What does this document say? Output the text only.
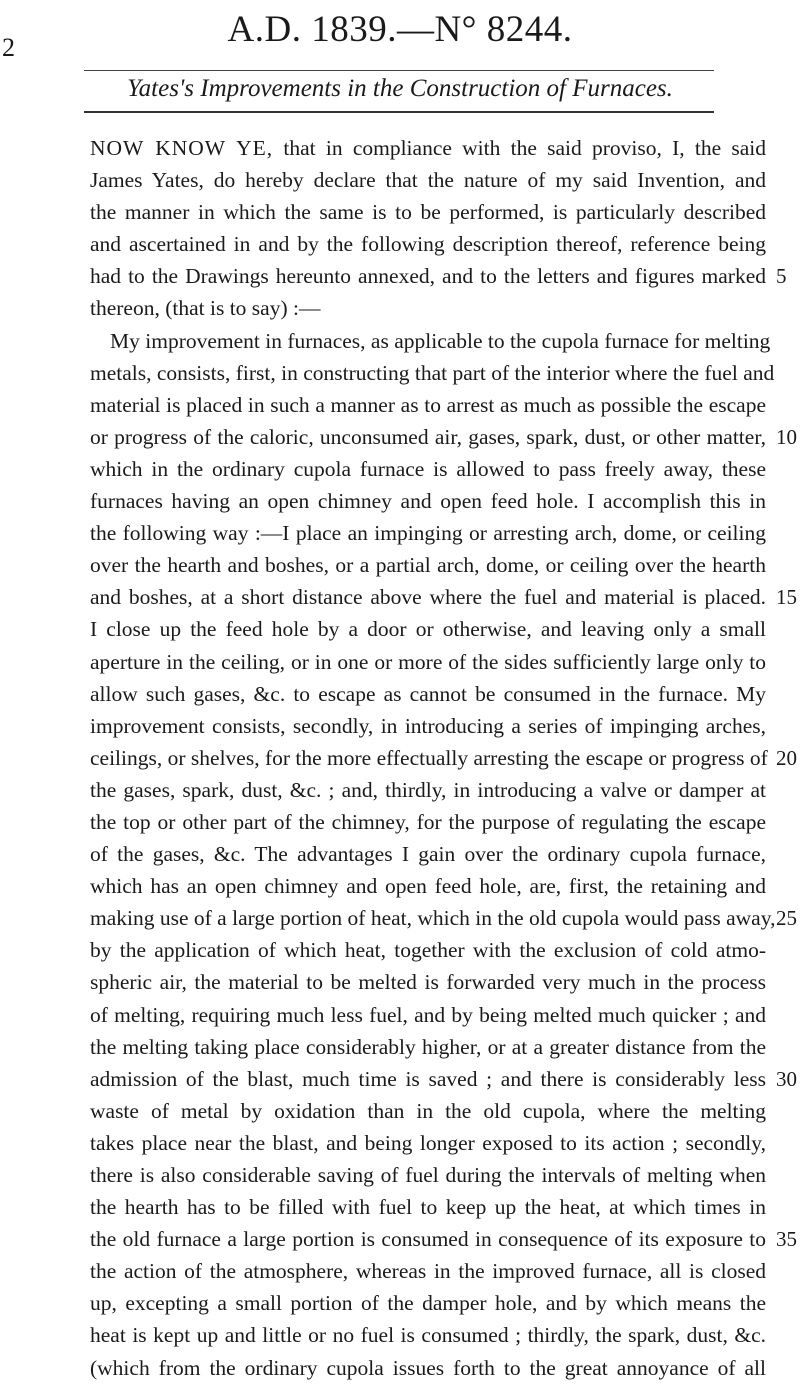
2	A.D. 1839.—N° 8244.
Yates's Improvements in the Construction of Furnaces.
NOW KNOW YE, that in compliance with the said proviso, I, the said
James Yates, do hereby declare that the nature of my said Invention, and
the manner in which the same is to be performed, is particularly described
and ascertained in and by the following description thereof, reference being
had to the Drawings hereunto annexed, and to the letters and figures marked
thereon, (that is to say) :—
My improvement in furnaces, as applicable to the cupola furnace for melting
metals, consists, first, in constructing that part of the interior where the fuel and
material is placed in such a manner as to arrest as much as possible the escape
or progress of the caloric, unconsumed air, gases, spark, dust, or other matter,
which in the ordinary cupola furnace is allowed to pass freely away, these
furnaces having an open chimney and open feed hole. I accomplish this in
the following way :—I place an impinging or arresting arch, dome, or ceiling
over the hearth and boshes, or a partial arch, dome, or ceiling over the hearth
and boshes, at a short distance above where the fuel and material is placed.
I close up the feed hole by a door or otherwise, and leaving only a small
aperture in the ceiling, or in one or more of the sides sufficiently large only to
allow such gases, &c. to escape as cannot be consumed in the furnace. My
improvement consists, secondly, in introducing a series of impinging arches,
ceilings, or shelves, for the more effectually arresting the escape or progress of
the gases, spark, dust, &c. ; and, thirdly, in introducing a valve or damper at
the top or other part of the chimney, for the purpose of regulating the escape
of the gases, &c. The advantages I gain over the ordinary cupola furnace,
which has an open chimney and open feed hole, are, first, the retaining and
making use of a large portion of heat, which in the old cupola would pass away,
by the application of which heat, together with the exclusion of cold atmo-
spheric air, the material to be melted is forwarded very much in the process
of melting, requiring much less fuel, and by being melted much quicker ; and
the melting taking place considerably higher, or at a greater distance from the
admission of the blast, much time is saved ; and there is considerably less
waste of metal by oxidation than in the old cupola, where the melting
takes place near the blast, and being longer exposed to its action ; secondly,
there is also considerable saving of fuel during the intervals of melting when
the hearth has to be filled with fuel to keep up the heat, at which times in
the old furnace a large portion is consumed in consequence of its exposure to
the action of the atmosphere, whereas in the improved furnace, all is closed
up, excepting a small portion of the damper hole, and by which means the
heat is kept up and little or no fuel is consumed ; thirdly, the spark, dust, &c.
(which from the ordinary cupola issues forth to the great annoyance of all
5
10
15
20
25
30
35
